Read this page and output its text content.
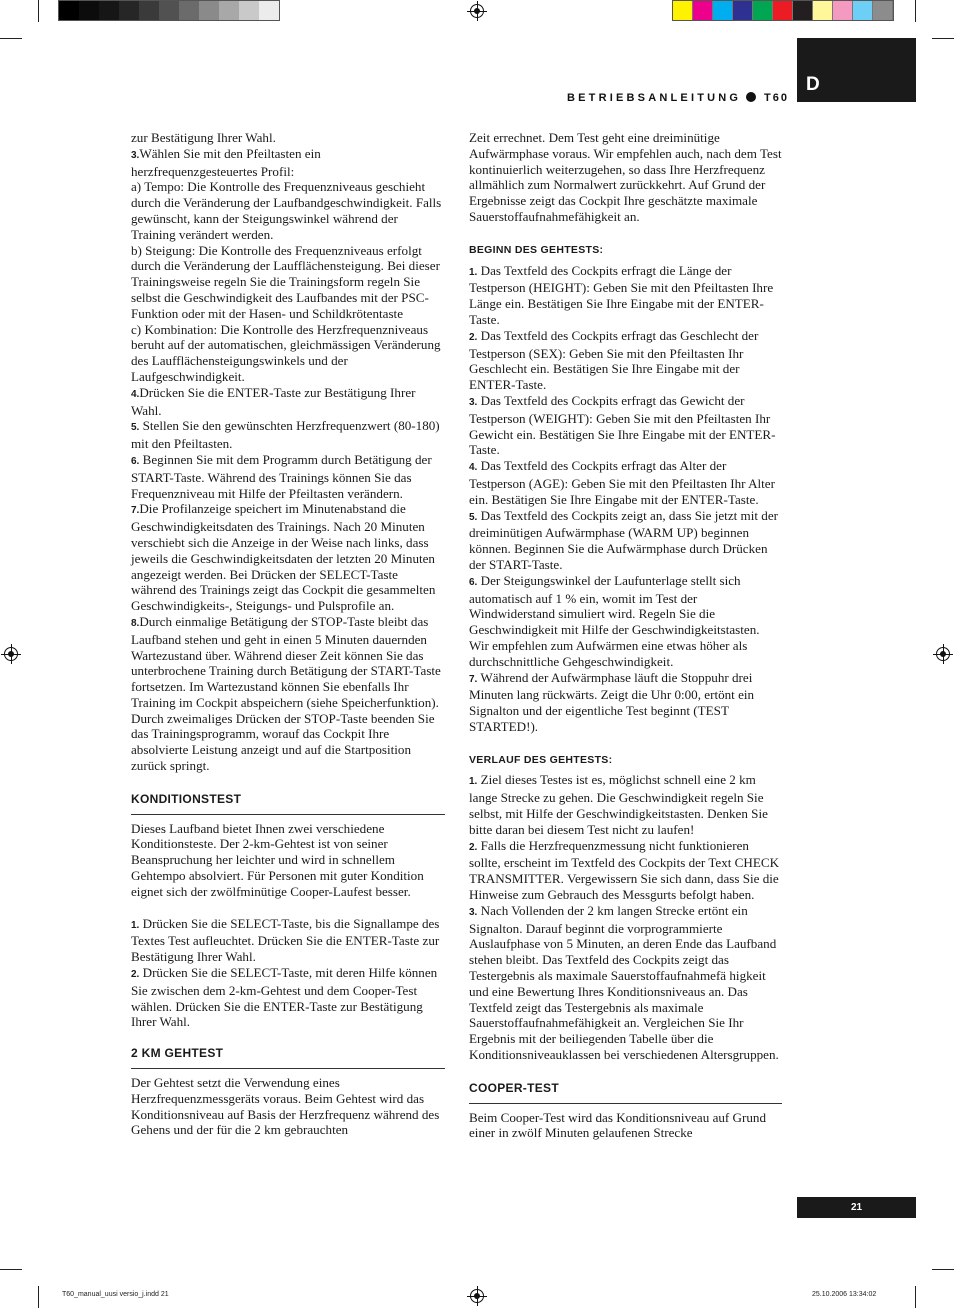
D
BETRIEBSANLEITUNG T60

zur Bestätigung Ihrer Wahl.

3.Wählen Sie mit den Pfeiltasten ein herzfrequenzgesteuertes Profil:

a) Tempo: Die Kontrolle des Frequenzniveaus geschieht durch die Veränderung der Laufbandgeschwindigkeit. Falls gewünscht, kann der Steigungswinkel während der Training verändert werden.

b) Steigung: Die Kontrolle des Frequenzniveaus erfolgt durch die Veränderung der Laufflächensteigung. Bei dieser Trainingsweise regeln Sie die Trainingsform regeln Sie selbst die Geschwindigkeit des Laufbandes mit der PSC-Funktion oder mit der Hasen- und Schildkrötentaste

c) Kombination: Die Kontrolle des Herzfrequenzniveaus beruht auf der automatischen, gleichmässigen Veränderung des Laufflächensteigungswinkels und der Laufgeschwindigkeit.

4.Drücken Sie die ENTER-Taste zur Bestätigung Ihrer Wahl.

5. Stellen Sie den gewünschten Herzfrequenzwert (80-180) mit den Pfeiltasten.

6. Beginnen Sie mit dem Programm durch Betätigung der START-Taste. Während des Trainings können Sie das Frequenzniveau mit Hilfe der Pfeiltasten verändern.

7.Die Profilanzeige speichert im Minutenabstand die Geschwindigkeitsdaten des Trainings. Nach 20 Minuten verschiebt sich die Anzeige in der Weise nach links, dass jeweils die Geschwindigkeitsdaten der letzten 20 Minuten angezeigt werden. Bei Drücken der SELECT-Taste während des Trainings zeigt das Cockpit die gesammelten Geschwindigkeits-, Steigungs- und Pulsprofile an.

8.Durch einmalige Betätigung der STOP-Taste bleibt das Laufband stehen und geht in einen 5 Minuten dauernden Wartezustand über. Während dieser Zeit können Sie das unterbrochene Training durch Betätigung der START-Taste fortsetzen. Im Wartezustand können Sie ebenfalls Ihr Training im Cockpit abspeichern (siehe Speicherfunktion). Durch zweimaliges Drücken der STOP-Taste beenden Sie das Trainingsprogramm, worauf das Cockpit Ihre absolvierte Leistung anzeigt und auf die Startposition zurück springt.

KONDITIONSTEST

Dieses Laufband bietet Ihnen zwei verschiedene Konditionsteste. Der 2-km-Gehtest ist von seiner Beanspruchung her leichter und wird in schnellem Gehtempo absolviert. Für Personen mit guter Kondition eignet sich der zwölfminütige Cooper-Laufest besser.

1. Drücken Sie die SELECT-Taste, bis die Signallampe des Textes Test aufleuchtet. Drücken Sie die ENTER-Taste zur Bestätigung Ihrer Wahl.

2. Drücken Sie die SELECT-Taste, mit deren Hilfe können Sie zwischen dem 2-km-Gehtest und dem Cooper-Test wählen. Drücken Sie die ENTER-Taste zur Bestätigung Ihrer Wahl.

2 KM GEHTEST

Der Gehtest setzt die Verwendung eines Herzfrequenzmessgeräts voraus. Beim Gehtest wird das Konditionsniveau auf Basis der Herzfrequenz während des Gehens und der für die 2 km gebrauchten

Zeit errechnet. Dem Test geht eine dreiminütige Aufwärmphase voraus. Wir empfehlen auch, nach dem Test kontinuierlich weiterzugehen, so dass Ihre Herzfrequenz allmählich zum Normalwert zurückkehrt. Auf Grund der Ergebnisse zeigt das Cockpit Ihre geschätzte maximale Sauerstoffaufnahmefähigkeit an.

BEGINN DES GEHTESTS:

1. Das Textfeld des Cockpits erfragt die Länge der Testperson (HEIGHT): Geben Sie mit den Pfeiltasten Ihre Länge ein. Bestätigen Sie Ihre Eingabe mit der ENTER-Taste.

2. Das Textfeld des Cockpits erfragt das Geschlecht der Testperson (SEX): Geben Sie mit den Pfeiltasten Ihr Geschlecht ein. Bestätigen Sie Ihre Eingabe mit der ENTER-Taste.

3. Das Textfeld des Cockpits erfragt das Gewicht der Testperson (WEIGHT): Geben Sie mit den Pfeiltasten Ihr Gewicht ein. Bestätigen Sie Ihre Eingabe mit der ENTER-Taste.

4. Das Textfeld des Cockpits erfragt das Alter der Testperson (AGE): Geben Sie mit den Pfeiltasten Ihr Alter ein. Bestätigen Sie Ihre Eingabe mit der ENTER-Taste.

5. Das Textfeld des Cockpits zeigt an, dass Sie jetzt mit der dreiminütigen Aufwärmphase (WARM UP) beginnen können. Beginnen Sie die Aufwärmphase durch Drücken der START-Taste.

6. Der Steigungswinkel der Laufunterlage stellt sich automatisch auf 1 % ein, womit im Test der Windwiderstand simuliert wird. Regeln Sie die Geschwindigkeit mit Hilfe der Geschwindigkeitstasten. Wir empfehlen zum Aufwärmen eine etwas höher als durchschnittliche Gehgeschwindigkeit.

7. Während der Aufwärmphase läuft die Stoppuhr drei Minuten lang rückwärts. Zeigt die Uhr 0:00, ertönt ein Signalton und der eigentliche Test beginnt (TEST STARTED!).

VERLAUF DES GEHTESTS:

1. Ziel dieses Testes ist es, möglichst schnell eine 2 km lange Strecke zu gehen. Die Geschwindigkeit regeln Sie selbst, mit Hilfe der Geschwindigkeitstasten. Denken Sie bitte daran bei diesem Test nicht zu laufen!

2. Falls die Herzfrequenzmessung nicht funktionieren sollte, erscheint im Textfeld des Cockpits der Text CHECK TRANSMITTER. Vergewissern Sie sich dann, dass Sie die Hinweise zum Gebrauch des Messgurts befolgt haben.

3. Nach Vollenden der 2 km langen Strecke ertönt ein Signalton. Darauf beginnt die vorprogrammierte Auslaufphase von 5 Minuten, an deren Ende das Laufband stehen bleibt. Das Textfeld des Cockpits zeigt das Testergebnis als maximale Sauerstoffaufnahmefä higkeit und eine Bewertung Ihres Konditionsniveaus an. Das Textfeld zeigt das Testergebnis als maximale Sauerstoffaufnahmefähigkeit an. Vergleichen Sie Ihr Ergebnis mit der beiliegenden Tabelle über die Konditionsniveauklassen bei verschiedenen Altersgruppen.

COOPER-TEST

Beim Cooper-Test wird das Konditionsniveau auf Grund einer in zwölf Minuten gelaufenen Strecke

21
T60_manual_uusi versio_j.indd 21	25.10.2006 13:34:02
